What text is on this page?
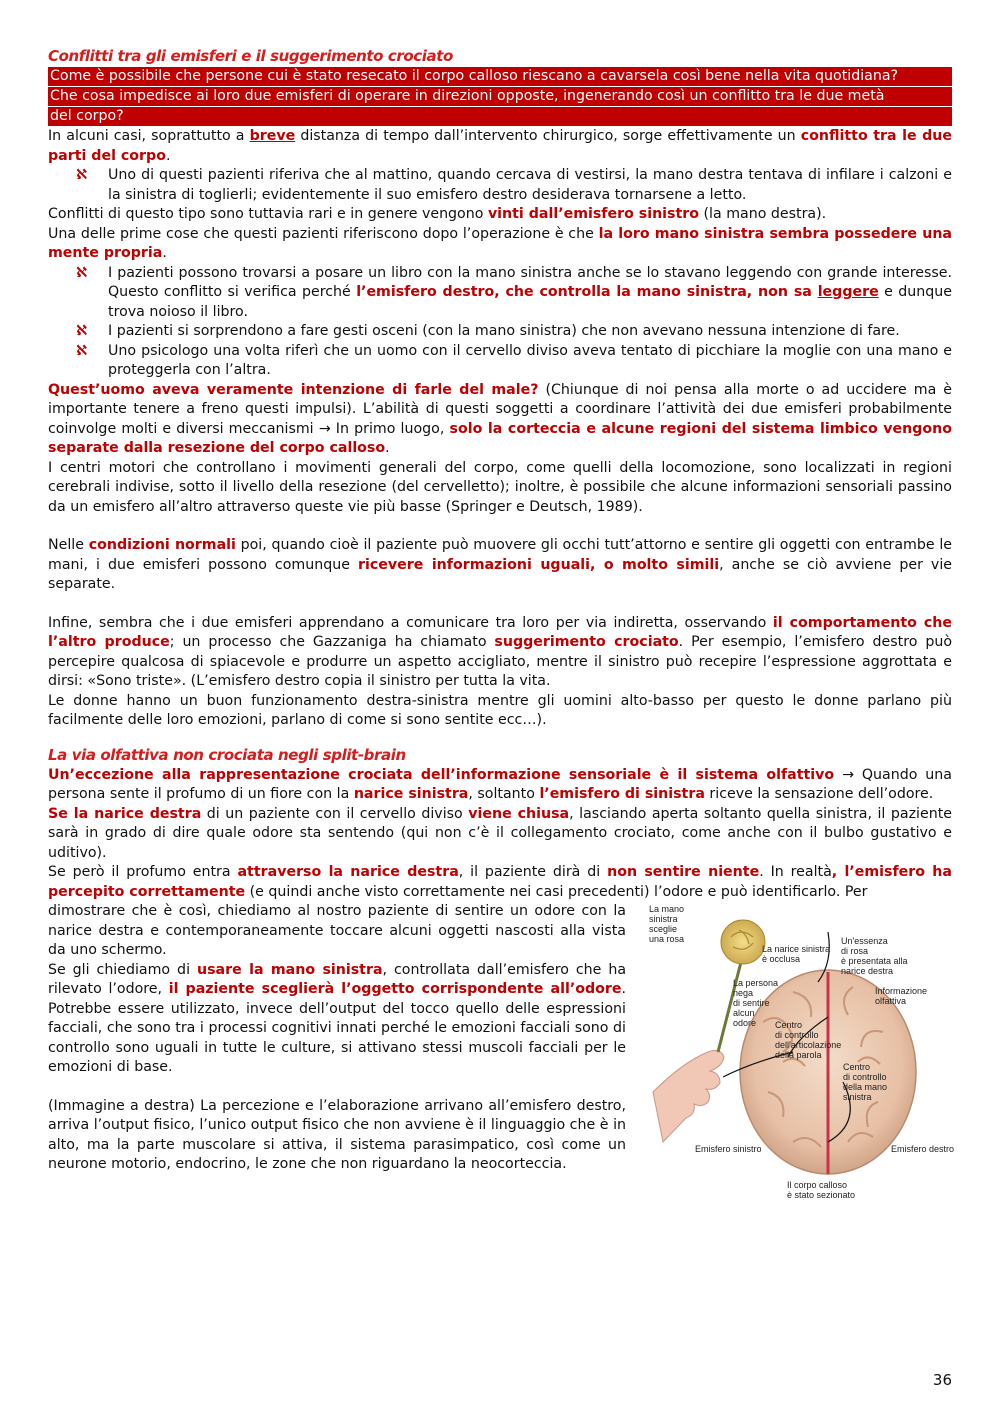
Conflitti tra gli emisferi e il suggerimento crociato
Come è possibile che persone cui è stato resecato il corpo calloso riescano a cavarsela così bene nella vita quotidiana?
Che cosa impedisce ai loro due emisferi di operare in direzioni opposte, ingenerando così un conflitto tra le due metà
del corpo?

In alcuni casi, soprattutto a breve distanza di tempo dall’intervento chirurgico, sorge effettivamente un conflitto tra le due parti del corpo.

ℵ Uno di questi pazienti riferiva che al mattino, quando cercava di vestirsi, la mano destra tentava di infilare i calzoni e la sinistra di toglierli; evidentemente il suo emisfero destro desiderava tornarsene a letto.

Conflitti di questo tipo sono tuttavia rari e in genere vengono vinti dall’emisfero sinistro (la mano destra).

Una delle prime cose che questi pazienti riferiscono dopo l’operazione è che la loro mano sinistra sembra possedere una mente propria.

ℵ I pazienti possono trovarsi a posare un libro con la mano sinistra anche se lo stavano leggendo con grande interesse. Questo conflitto si verifica perché l’emisfero destro, che controlla la mano sinistra, non sa leggere e dunque trova noioso il libro.
ℵ I pazienti si sorprendono a fare gesti osceni (con la mano sinistra) che non avevano nessuna intenzione di fare.
ℵ Uno psicologo una volta riferì che un uomo con il cervello diviso aveva tentato di picchiare la moglie con una mano e proteggerla con l’altra.

Quest’uomo aveva veramente intenzione di farle del male? (Chiunque di noi pensa alla morte o ad uccidere ma è importante tenere a freno questi impulsi). L’abilità di questi soggetti a coordinare l’attività dei due emisferi probabilmente coinvolge molti e diversi meccanismi → In primo luogo, solo la corteccia e alcune regioni del sistema limbico vengono separate dalla resezione del corpo calloso.

I centri motori che controllano i movimenti generali del corpo, come quelli della locomozione, sono localizzati in regioni cerebrali indivise, sotto il livello della resezione (del cervelletto); inoltre, è possibile che alcune informazioni sensoriali passino da un emisfero all’altro attraverso queste vie più basse (Springer e Deutsch, 1989).

Nelle condizioni normali poi, quando cioè il paziente può muovere gli occhi tutt’attorno e sentire gli oggetti con entrambe le mani, i due emisferi possono comunque ricevere informazioni uguali, o molto simili, anche se ciò avviene per vie separate.

Infine, sembra che i due emisferi apprendano a comunicare tra loro per via indiretta, osservando il comportamento che l’altro produce; un processo che Gazzaniga ha chiamato suggerimento crociato. Per esempio, l’emisfero destro può percepire qualcosa di spiacevole e produrre un aspetto accigliato, mentre il sinistro può recepire l’espressione aggrottata e dirsi: «Sono triste». (L’emisfero destro copia il sinistro per tutta la vita.

Le donne hanno un buon funzionamento destra-sinistra mentre gli uomini alto-basso per questo le donne parlano più facilmente delle loro emozioni, parlano di come si sono sentite ecc…).

La via olfattiva non crociata negli split-brain

Un’eccezione alla rappresentazione crociata dell’informazione sensoriale è il sistema olfattivo → Quando una persona sente il profumo di un fiore con la narice sinistra, soltanto l’emisfero di sinistra riceve la sensazione dell’odore.

Se la narice destra di un paziente con il cervello diviso viene chiusa, lasciando aperta soltanto quella sinistra, il paziente sarà in grado di dire quale odore sta sentendo (qui non c’è il collegamento crociato, come anche con il bulbo gustativo e uditivo).

Se però il profumo entra attraverso la narice destra, il paziente dirà di non sentire niente. In realtà, l’emisfero ha percepito correttamente (e quindi anche visto correttamente nei casi precedenti) l’odore e può identificarlo. Per

dimostrare che è così, chiediamo al nostro paziente di sentire un odore con la narice destra e contemporaneamente toccare alcuni oggetti nascosti alla vista da uno schermo.

Se gli chiediamo di usare la mano sinistra, controllata dall’emisfero che ha rilevato l’odore, il paziente sceglierà l’oggetto corrispondente all’odore. Potrebbe essere utilizzato, invece dell’output del tocco quello delle espressioni facciali, che sono tra i processi cognitivi innati perché le emozioni facciali sono di controllo sono uguali in tutte le culture, si attivano stessi muscoli facciali per le emozioni di base.

(Immagine a destra) La percezione e l’elaborazione arrivano all’emisfero destro, arriva l’output fisico, l’unico output fisico che non avviene è il linguaggio che è in alto, ma la parte muscolare si attiva, il sistema parasimpatico, così come un neurone motorio, endocrino, le zone che non riguardano la neocorteccia.

La mano
sinistra
sceglie
una rosa
La narice sinistra
è occlusa
Un'essenza
di rosa
è presentata alla
narice destra
La persona
nega
di sentire
alcun
odore	Centro
di controllo
dell'articolazione
della parola
Informazione
olfattiva
Centro
di controllo
della mano
sinistra
Emisfero sinistro	Emisfero destro
Il corpo calloso
è stato sezionato
36
